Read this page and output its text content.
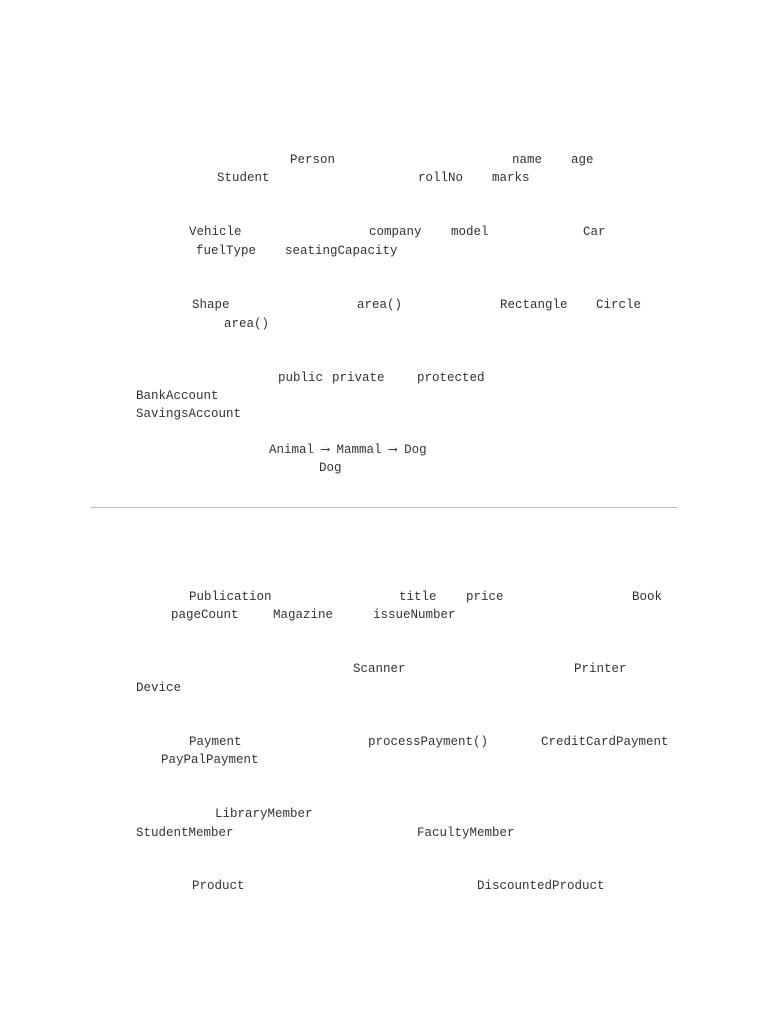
Person	name age
Student	rollNo marks
Vehicle	company model	Car
fuelType seatingCapacity
Shape	area()	Rectangle Circle
area()
public private	protected
BankAccount
SavingsAccount
Animal ⟶ Mammal ⟶ Dog
Dog
Publication	title price	Book
pageCount	Magazine	issueNumber
Scanner	Printer
Device
Payment	processPayment()	CreditCardPayment
PayPalPayment
LibraryMember
StudentMember	FacultyMember
Product	DiscountedProduct
